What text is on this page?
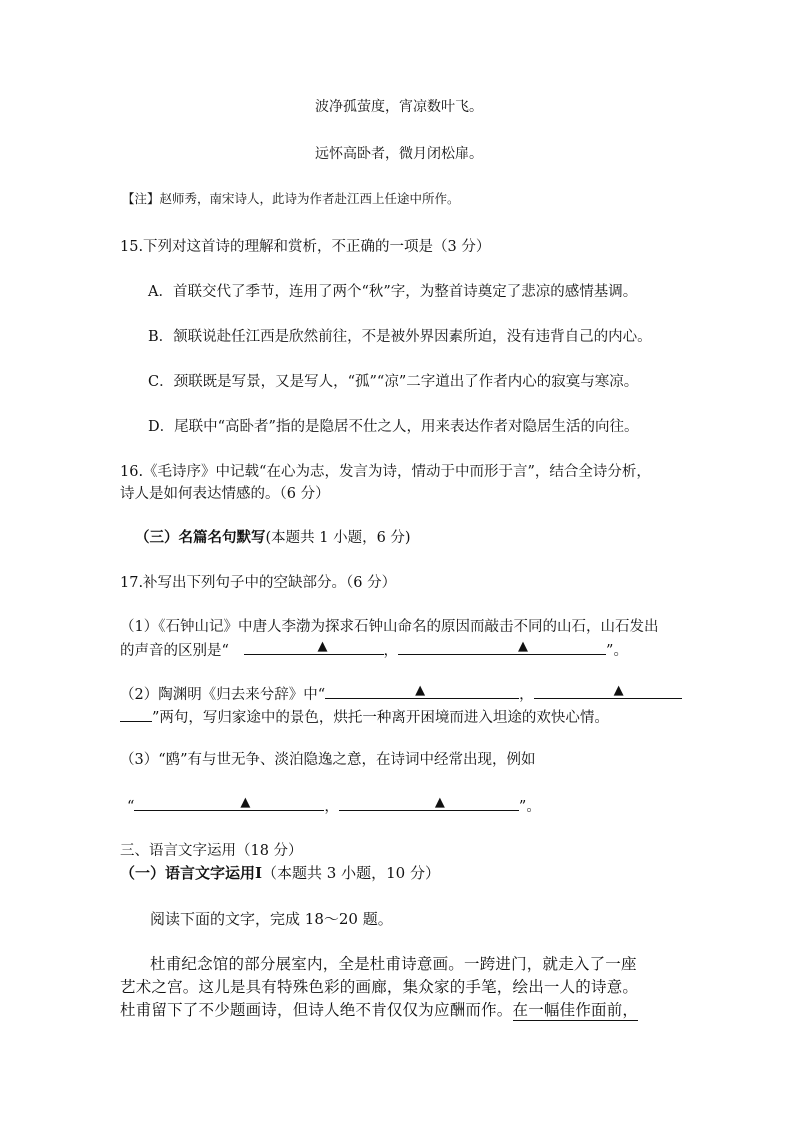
波净孤萤度，宵凉数叶飞。
远怀高卧者，微月闭松扉。
【注】赵师秀，南宋诗人，此诗为作者赴江西上任途中所作。
15.下列对这首诗的理解和赏析，不正确的一项是（3 分）
A．首联交代了季节，连用了两个“秋”字，为整首诗奠定了悲凉的感情基调。
B．颔联说赴任江西是欣然前往，不是被外界因素所迫，没有违背自己的内心。
C．颈联既是写景，又是写人，“孤”“凉”二字道出了作者内心的寂寞与寒凉。
D．尾联中“高卧者”指的是隐居不仕之人，用来表达作者对隐居生活的向往。
16.《毛诗序》中记载“在心为志，发言为诗，情动于中而形于言”，结合全诗分析，
诗人是如何表达情感的。（6 分）
（三）名篇名句默写(本题共 1 小题，6 分)
17.补写出下列句子中的空缺部分。（6 分）
（1）《石钟山记》中唐人李渤为探求石钟山命名的原因而敲击不同的山石，山石发出
的声音的区别是“	▲	，	▲	”。
（2）陶渊明《归去来兮辞》中“	▲	，	▲
”两句，写归家途中的景色，烘托一种离开困境而进入坦途的欢快心情。
（3）“鸥”有与世无争、淡泊隐逸之意，在诗词中经常出现，例如
“	▲	，	▲	”。
三、语言文字运用（18 分）
（一）语言文字运用Ⅰ（本题共 3 小题，10 分）
阅读下面的文字，完成 18～20 题。
杜甫纪念馆的部分展室内，全是杜甫诗意画。一跨进门，就走入了一座
艺术之宫。这儿是具有特殊色彩的画廊，集众家的手笔，绘出一人的诗意。
杜甫留下了不少题画诗，但诗人绝不肯仅仅为应酬而作。在一幅佳作面前，
